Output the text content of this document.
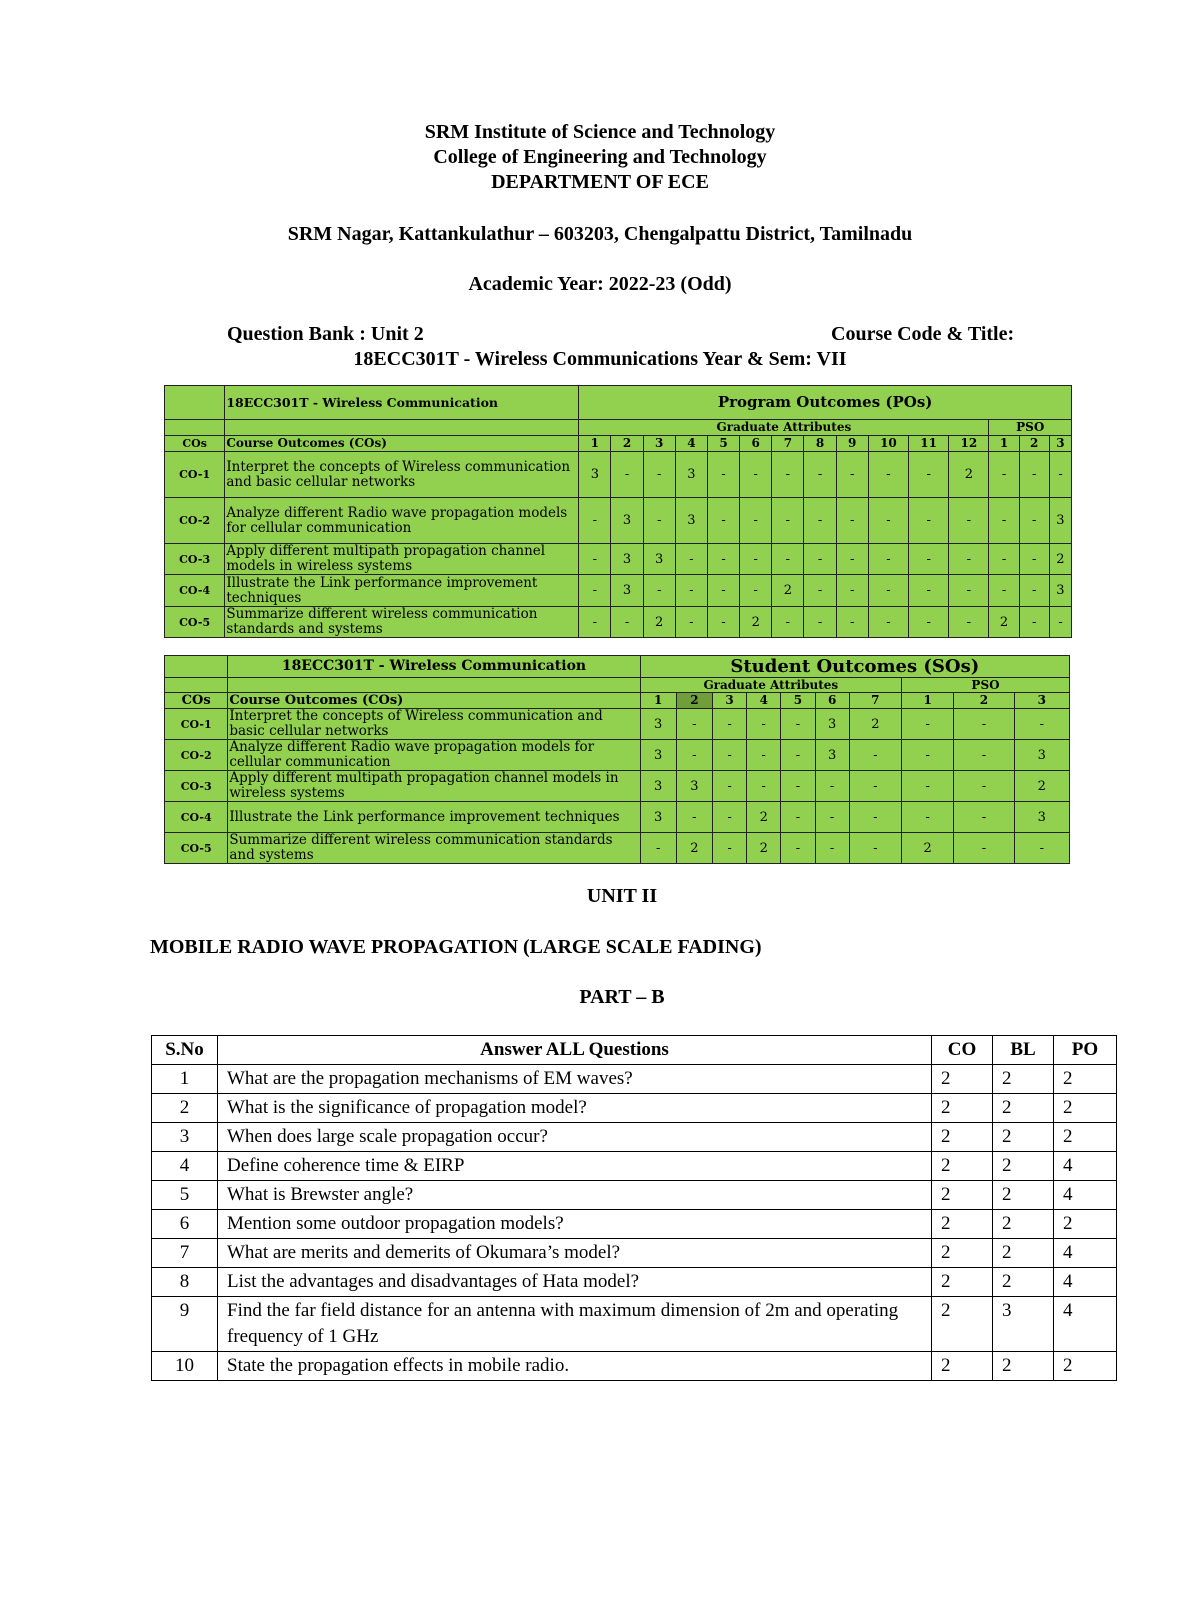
SRM Institute of Science and Technology
College of Engineering and Technology
DEPARTMENT OF ECE
SRM Nagar, Kattankulathur – 603203, Chengalpattu District, Tamilnadu
Academic Year: 2022-23 (Odd)
Question Bank : Unit 2	Course Code & Title:
18ECC301T - Wireless Communications Year & Sem: VII
	18ECC301T - Wireless Communication	Program Outcomes (POs)														
		Graduate Attributes												PSO		
COs	Course Outcomes (COs)	1	2	3	4	5	6	7	8	9	10	11	12	1	2	3
CO-1	Interpret the concepts of Wireless communication and basic cellular networks	3	-	-	3	-	-	-	-	-	-	-	2	-	-	-
CO-2	Analyze different Radio wave propagation models for cellular communication	-	3	-	3	-	-	-	-	-	-	-	-	-	-	3
CO-3	Apply different multipath propagation channel models in wireless systems	-	3	3	-	-	-	-	-	-	-	-	-	-	-	2
CO-4	Illustrate the Link performance improvement techniques	-	3	-	-	-	-	2	-	-	-	-	-	-	-	3
CO-5	Summarize different wireless communication standards and systems	-	-	2	-	-	2	-	-	-	-	-	-	2	-	-
	18ECC301T - Wireless Communication	Student Outcomes (SOs)									
		Graduate Attributes							PSO		
COs	Course Outcomes (COs)	1	2	3	4	5	6	7	1	2	3
CO-1	Interpret the concepts of Wireless communication and basic cellular networks	3	-	-	-	-	3	2	-	-	-
CO-2	Analyze different Radio wave propagation models for cellular communication	3	-	-	-	-	3	-	-	-	3
CO-3	Apply different multipath propagation channel models in wireless systems	3	3	-	-	-	-	-	-	-	2
CO-4	Illustrate the Link performance improvement techniques	3	-	-	2	-	-	-	-	-	3
CO-5	Summarize different wireless communication standards and systems	-	2	-	2	-	-	-	2	-	-
UNIT II
MOBILE RADIO WAVE PROPAGATION (LARGE SCALE FADING)
PART – B
S.No	Answer ALL Questions	CO	BL	PO
1	What are the propagation mechanisms of EM waves?	2	2	2
2	What is the significance of propagation model?	2	2	2
3	When does large scale propagation occur?	2	2	2
4	Define coherence time & EIRP	2	2	4
5	What is Brewster angle?	2	2	4
6	Mention some outdoor propagation models?	2	2	2
7	What are merits and demerits of Okumara’s model?	2	2	4
8	List the advantages and disadvantages of Hata model?	2	2	4
9	Find the far field distance for an antenna with maximum dimension of 2m and operating frequency of 1 GHz	2	3	4
10	State the propagation effects in mobile radio.	2	2	2
